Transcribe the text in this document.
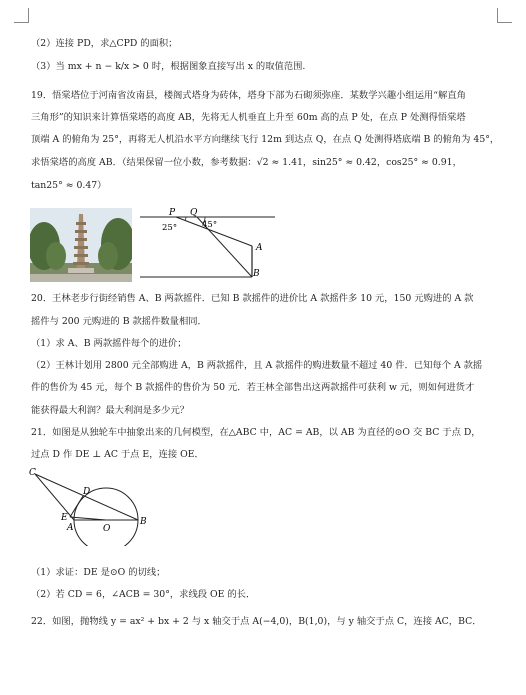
（2）连接 PD，求△CPD 的面积；
（3）当 mx + n − k/x > 0 时，根据图象直接写出 x 的取值范围.
19．悟棠塔位于河南省汝南县，楼阁式塔身为砖体，塔身下部为石砌须弥座．某数学兴趣小组运用“解直角
三角形”的知识来计算悟棠塔的高度 AB，先将无人机垂直上升至 60m 高的点 P 处，在点 P 处测得悟棠塔
顶端 A 的俯角为 25°，再将无人机沿水平方向继续飞行 12m 到达点 Q，在点 Q 处测得塔底端 B 的俯角为 45°，
求悟棠塔的高度 AB．（结果保留一位小数，参考数据：√2 ≈ 1.41，sin25° ≈ 0.42，cos25° ≈ 0.91，
tan25° ≈ 0.47）
P Q
A
B
25°	45°
20．王林老步行街经销售 A、B 两款摇件．已知 B 款摇件的进价比 A 款摇件多 10 元，150 元购进的 A 款
摇件与 200 元购进的 B 款摇件数量相同．
（1）求 A、B 两款摇件每个的进价；
（2）王林计划用 2800 元全部购进 A，B 两款摇件，且 A 款摇件的购进数量不超过 40 件．已知每个 A 款摇
件的售价为 45 元，每个 B 款摇件的售价为 50 元．若王林全部售出这两款摇件可获利 w 元，则如何进货才
能获得最大利润？最大利润是多少元？
21．如图是从独轮车中抽象出来的几何模型，在△ABC 中，AC = AB，以 AB 为直径的⊙O 交 BC 于点 D，
过点 D 作 DE ⊥ AC 于点 E，连接 OE．
C
D
E
A	O
B
（1）求证：DE 是⊙O 的切线；
（2）若 CD = 6，∠ACB = 30°，求线段 OE 的长．
22．如图，抛物线 y = ax² + bx + 2 与 x 轴交于点 A(−4,0)，B(1,0)，与 y 轴交于点 C，连接 AC，BC．
